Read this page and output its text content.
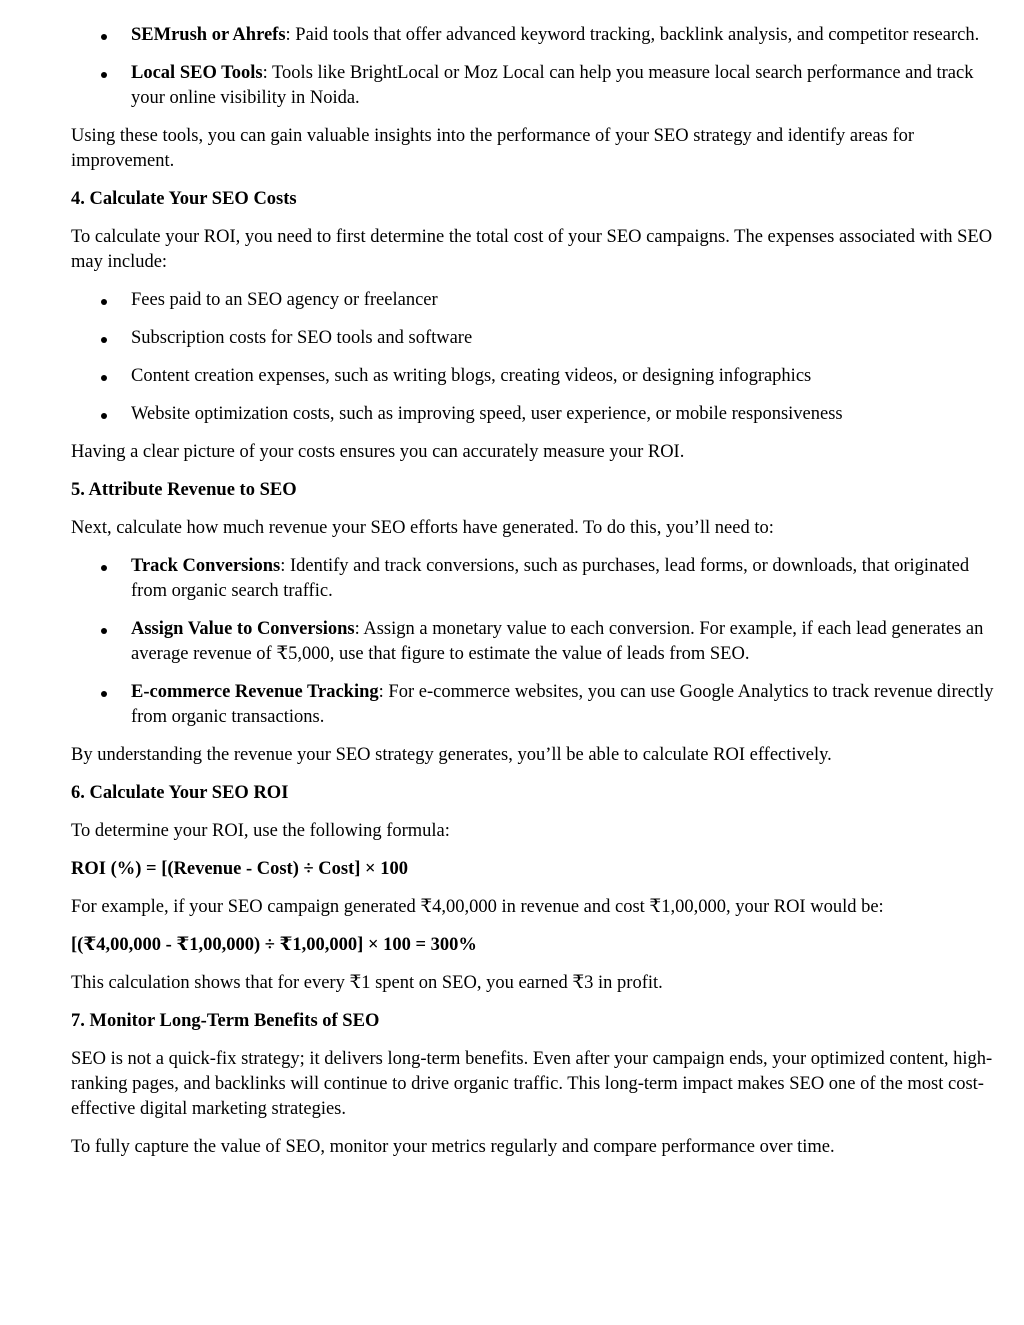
SEMrush or Ahrefs: Paid tools that offer advanced keyword tracking, backlink analysis, and competitor research.
Local SEO Tools: Tools like BrightLocal or Moz Local can help you measure local search performance and track your online visibility in Noida.

Using these tools, you can gain valuable insights into the performance of your SEO strategy and identify areas for improvement.

4. Calculate Your SEO Costs

To calculate your ROI, you need to first determine the total cost of your SEO campaigns. The expenses associated with SEO may include:

Fees paid to an SEO agency or freelancer
Subscription costs for SEO tools and software
Content creation expenses, such as writing blogs, creating videos, or designing infographics
Website optimization costs, such as improving speed, user experience, or mobile responsiveness

Having a clear picture of your costs ensures you can accurately measure your ROI.

5. Attribute Revenue to SEO

Next, calculate how much revenue your SEO efforts have generated. To do this, you’ll need to:

Track Conversions: Identify and track conversions, such as purchases, lead forms, or downloads, that originated from organic search traffic.
Assign Value to Conversions: Assign a monetary value to each conversion. For example, if each lead generates an average revenue of ₹5,000, use that figure to estimate the value of leads from SEO.
E-commerce Revenue Tracking: For e-commerce websites, you can use Google Analytics to track revenue directly from organic transactions.

By understanding the revenue your SEO strategy generates, you’ll be able to calculate ROI effectively.

6. Calculate Your SEO ROI

To determine your ROI, use the following formula:

ROI (%) = [(Revenue - Cost) ÷ Cost] × 100

For example, if your SEO campaign generated ₹4,00,000 in revenue and cost ₹1,00,000, your ROI would be:

[(₹4,00,000 - ₹1,00,000) ÷ ₹1,00,000] × 100 = 300%

This calculation shows that for every ₹1 spent on SEO, you earned ₹3 in profit.

7. Monitor Long-Term Benefits of SEO

SEO is not a quick-fix strategy; it delivers long-term benefits. Even after your campaign ends, your optimized content, high-ranking pages, and backlinks will continue to drive organic traffic. This long-term impact makes SEO one of the most cost-effective digital marketing strategies.

To fully capture the value of SEO, monitor your metrics regularly and compare performance over time.
